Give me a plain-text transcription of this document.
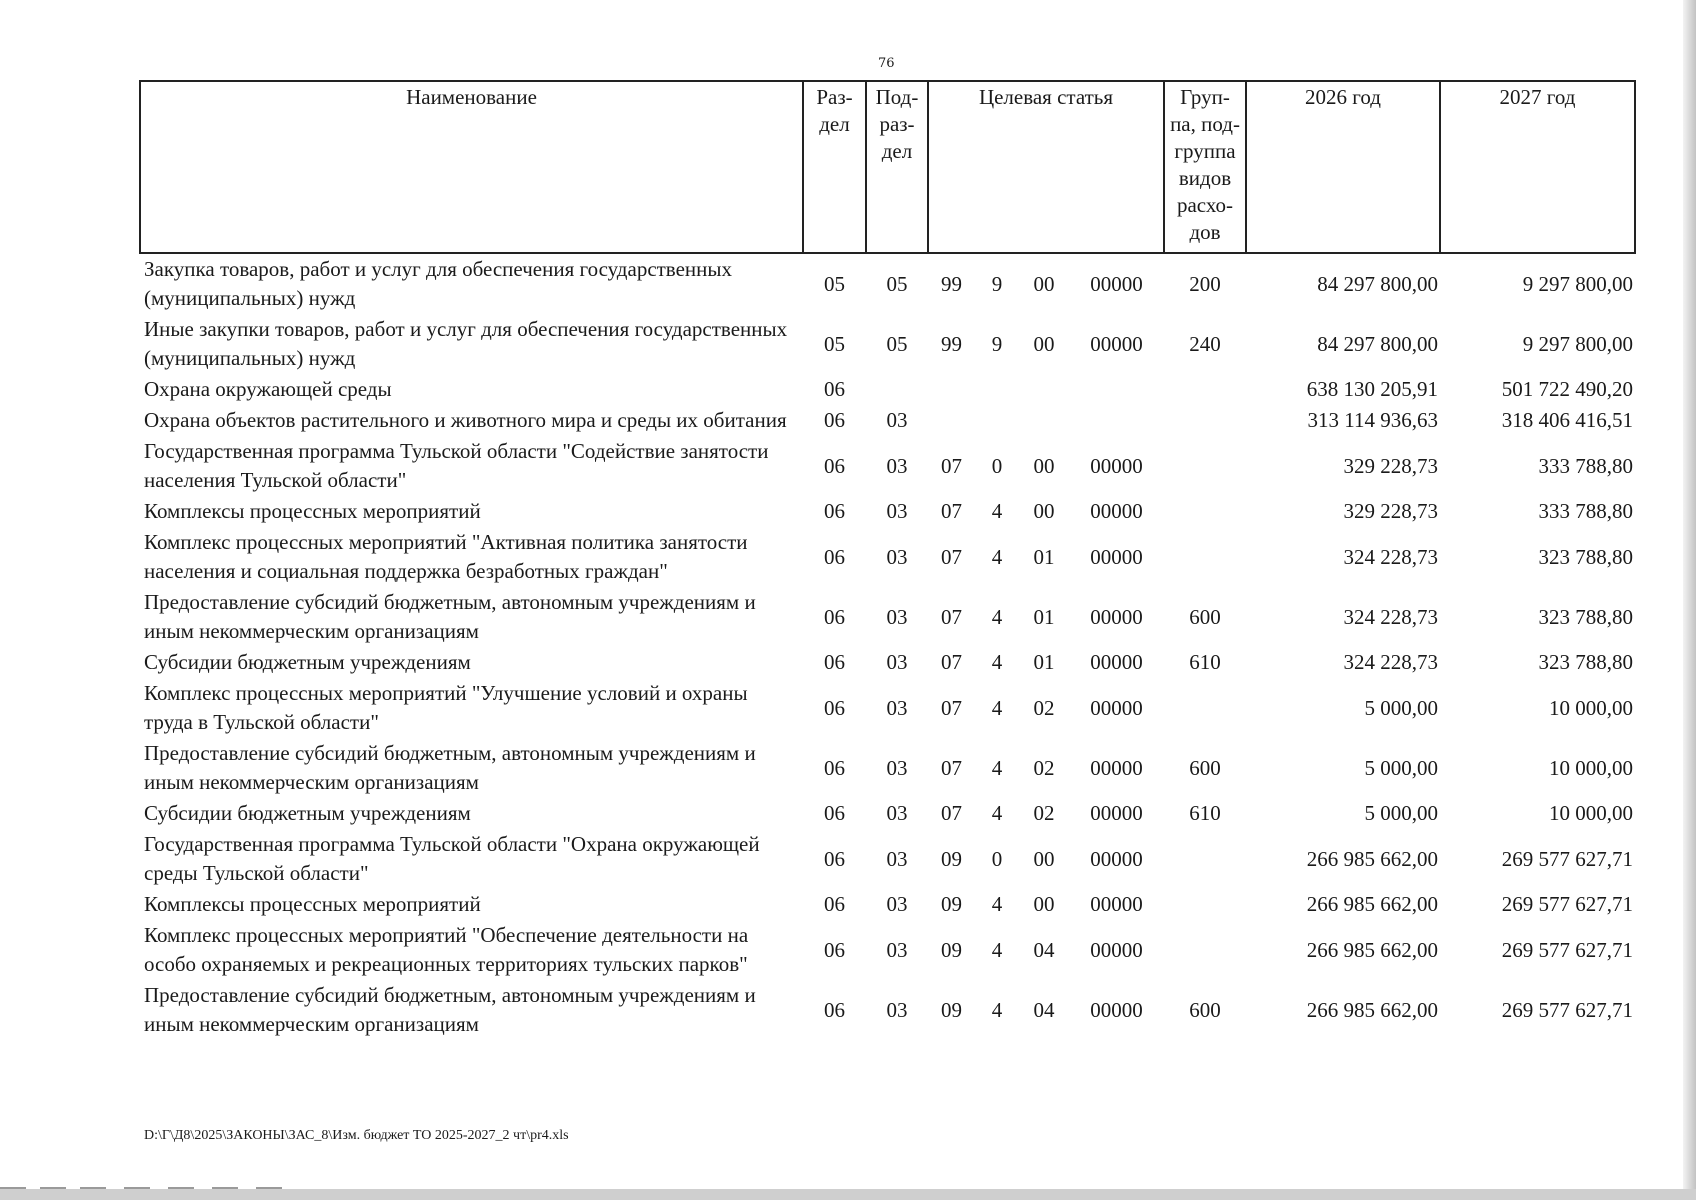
76
Наименование	Раз-дел	Под-раз-дел	Целевая статья				Груп-па, под-группа видов расхо-дов	2026 год	2027 год
Закупка товаров, работ и услуг для обеспечения государственных (муниципальных) нужд	05	05	99	9	00	00000	200	84 297 800,00	9 297 800,00
Иные закупки товаров, работ и услуг для обеспечения государственных (муниципальных) нужд	05	05	99	9	00	00000	240	84 297 800,00	9 297 800,00
Охрана окружающей среды	06							638 130 205,91	501 722 490,20
Охрана объектов растительного и животного мира и среды их обитания	06	03						313 114 936,63	318 406 416,51
Государственная программа Тульской области "Содействие занятости населения Тульской области"	06	03	07	0	00	00000		329 228,73	333 788,80
Комплексы процессных мероприятий	06	03	07	4	00	00000		329 228,73	333 788,80
Комплекс процессных мероприятий "Активная политика занятости населения и социальная поддержка безработных граждан"	06	03	07	4	01	00000		324 228,73	323 788,80
Предоставление субсидий бюджетным, автономным учреждениям и иным некоммерческим организациям	06	03	07	4	01	00000	600	324 228,73	323 788,80
Субсидии бюджетным учреждениям	06	03	07	4	01	00000	610	324 228,73	323 788,80
Комплекс процессных мероприятий "Улучшение условий и охраны труда в Тульской области"	06	03	07	4	02	00000		5 000,00	10 000,00
Предоставление субсидий бюджетным, автономным учреждениям и иным некоммерческим организациям	06	03	07	4	02	00000	600	5 000,00	10 000,00
Субсидии бюджетным учреждениям	06	03	07	4	02	00000	610	5 000,00	10 000,00
Государственная программа Тульской области "Охрана окружающей среды Тульской области"	06	03	09	0	00	00000		266 985 662,00	269 577 627,71
Комплексы процессных мероприятий	06	03	09	4	00	00000		266 985 662,00	269 577 627,71
Комплекс процессных мероприятий "Обеспечение деятельности на особо охраняемых и рекреационных территориях тульских парков"	06	03	09	4	04	00000		266 985 662,00	269 577 627,71
Предоставление субсидий бюджетным, автономным учреждениям и иным некоммерческим организациям	06	03	09	4	04	00000	600	266 985 662,00	269 577 627,71
D:\Г\Д8\2025\ЗАКОНЫ\ЗАС_8\Изм. бюджет ТО 2025-2027_2 чт\pr4.xls
